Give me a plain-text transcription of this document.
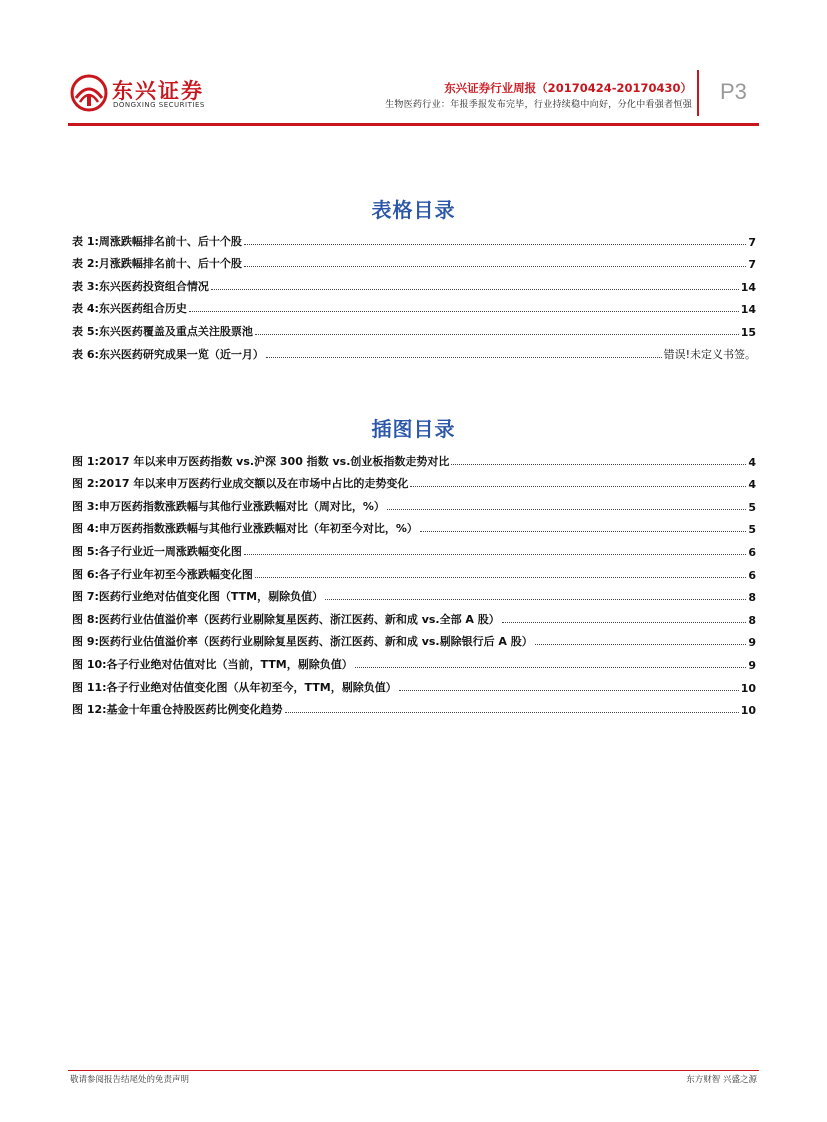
东兴证券
DONGXING SECURITIES
东兴证券行业周报（20170424-20170430）
生物医药行业：年报季报发布完毕，行业持续稳中向好，分化中看强者恒强
P3
表格目录
表 1:周涨跌幅排名前十、后十个股	7
表 2:月涨跌幅排名前十、后十个股	7
表 3:东兴医药投资组合情况	14
表 4:东兴医药组合历史	14
表 5:东兴医药覆盖及重点关注股票池	15
表 6:东兴医药研究成果一览（近一月）	错误!未定义书签。
插图目录
图 1:2017 年以来申万医药指数 vs.沪深 300 指数 vs.创业板指数走势对比	4
图 2:2017 年以来申万医药行业成交额以及在市场中占比的走势变化	4
图 3:申万医药指数涨跌幅与其他行业涨跌幅对比（周对比，%）	5
图 4:申万医药指数涨跌幅与其他行业涨跌幅对比（年初至今对比，%）	5
图 5:各子行业近一周涨跌幅变化图	6
图 6:各子行业年初至今涨跌幅变化图	6
图 7:医药行业绝对估值变化图（TTM，剔除负值）	8
图 8:医药行业估值溢价率（医药行业剔除复星医药、浙江医药、新和成 vs.全部 A 股）	8
图 9:医药行业估值溢价率（医药行业剔除复星医药、浙江医药、新和成 vs.剔除银行后 A 股）	9
图 10:各子行业绝对估值对比（当前，TTM，剔除负值）	9
图 11:各子行业绝对估值变化图（从年初至今，TTM，剔除负值）	10
图 12:基金十年重仓持股医药比例变化趋势	10
敬请参阅报告结尾处的免责声明	东方财智 兴盛之源
